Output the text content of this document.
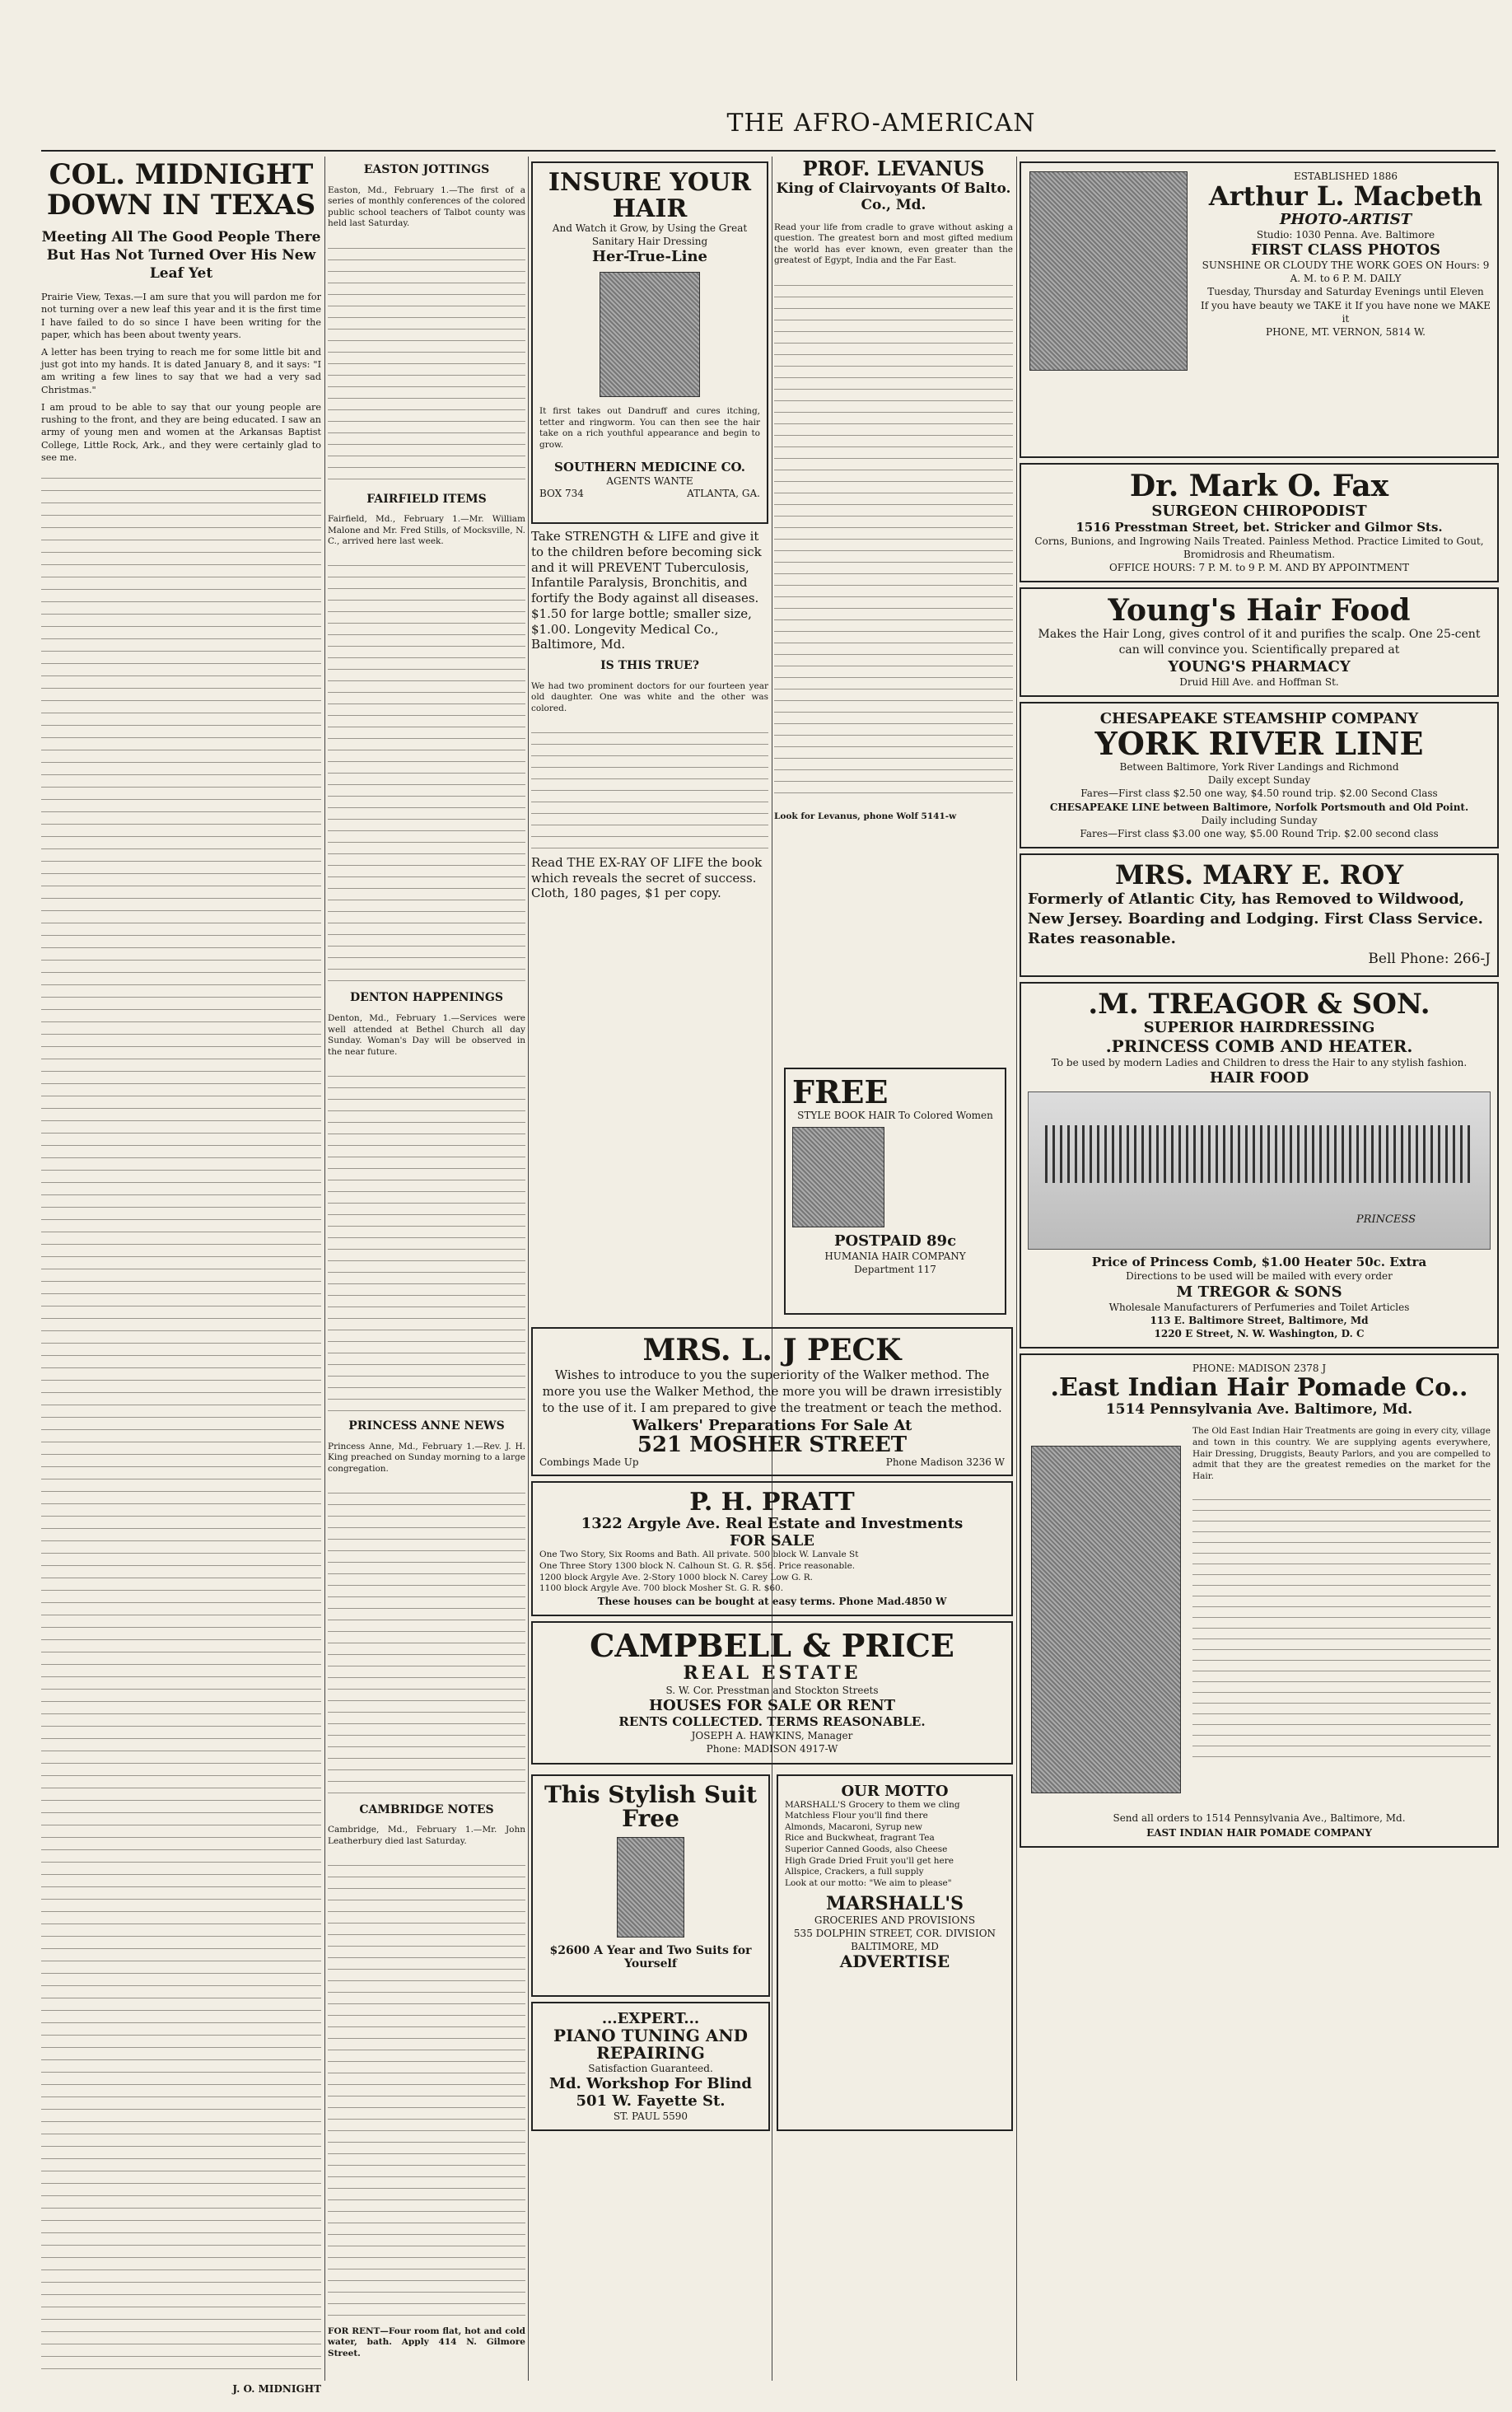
THE AFRO-AMERICAN
COL. MIDNIGHT DOWN IN TEXAS
Meeting All The Good People There But Has Not Turned Over His New Leaf Yet

Prairie View, Texas.—I am sure that you will pardon me for not turning over a new leaf this year and it is the first time I have failed to do so since I have been writing for the paper, which has been about twenty years.

A letter has been trying to reach me for some little bit and just got into my hands. It is dated January 8, and it says: "I am writing a few lines to say that we had a very sad Christmas."

I am proud to be able to say that our young people are rushing to the front, and they are being educated. I saw an army of young men and women at the Arkansas Baptist College, Little Rock, Ark., and they were certainly glad to see me.

J. O. MIDNIGHT
EASTON JOTTINGS

Easton, Md., February 1.—The first of a series of monthly conferences of the colored public school teachers of Talbot county was held last Saturday.

FAIRFIELD ITEMS

Fairfield, Md., February 1.—Mr. William Malone and Mr. Fred Stills, of Mocksville, N. C., arrived here last week.

DENTON HAPPENINGS

Denton, Md., February 1.—Services were well attended at Bethel Church all day Sunday. Woman's Day will be observed in the near future.

PRINCESS ANNE NEWS

Princess Anne, Md., February 1.—Rev. J. H. King preached on Sunday morning to a large congregation.

CAMBRIDGE NOTES

Cambridge, Md., February 1.—Mr. John Leatherbury died last Saturday.

FOR RENT—Four room flat, hot and cold water, bath. Apply 414 N. Gilmore Street.

INSURE YOUR HAIR
And Watch it Grow, by Using the Great Sanitary Hair Dressing
Her-True-Line

It first takes out Dandruff and cures itching, tetter and ringworm. You can then see the hair take on a rich youthful appearance and begin to grow.

SOUTHERN MEDICINE CO.
AGENTS WANTE
BOX 734	ATLANTA, GA.

Take STRENGTH & LIFE and give it to the children before becoming sick and it will PREVENT Tuberculosis, Infantile Paralysis, Bronchitis, and fortify the Body against all diseases. $1.50 for large bottle; smaller size, $1.00. Longevity Medical Co., Baltimore, Md.

IS THIS TRUE?

We had two prominent doctors for our fourteen year old daughter. One was white and the other was colored.

Read THE EX-RAY OF LIFE the book which reveals the secret of success. Cloth, 180 pages, $1 per copy.

PROF. LEVANUS
King of Clairvoyants Of Balto. Co., Md.

Read your life from cradle to grave without asking a question. The greatest born and most gifted medium the world has ever known, even greater than the greatest of Egypt, India and the Far East.

Look for Levanus, phone Wolf 5141-w

FREE
STYLE BOOK HAIR To Colored Women
POSTPAID 89c
HUMANIA HAIR COMPANY
Department 117
MRS. L. J PECK
Wishes to introduce to you the superiority of the Walker method. The more you use the Walker Method, the more you will be drawn irresistibly to the use of it. I am prepared to give the treatment or teach the method.
Walkers' Preparations For Sale At
521 MOSHER STREET
Combings Made Up	Phone Madison 3236 W
P. H. PRATT
1322 Argyle Ave. Real Estate and Investments
FOR SALE
One Two Story, Six Rooms and Bath. All private. 500 block W. Lanvale St
One Three Story 1300 block N. Calhoun St. G. R. $56. Price reasonable.
1200 block Argyle Ave. 2-Story 1000 block N. Carey Low G. R.
1100 block Argyle Ave. 700 block Mosher St. G. R. $60.
These houses can be bought at easy terms. Phone Mad.4850 W
CAMPBELL & PRICE
REAL ESTATE
S. W. Cor. Presstman and Stockton Streets
HOUSES FOR SALE OR RENT
RENTS COLLECTED. TERMS REASONABLE.
JOSEPH A. HAWKINS, Manager
Phone: MADISON 4917-W
This Stylish Suit Free
$2600 A Year and Two Suits for Yourself
...EXPERT...
PIANO TUNING AND REPAIRING
Satisfaction Guaranteed.
Md. Workshop For Blind
501 W. Fayette St.
ST. PAUL 5590
OUR MOTTO
MARSHALL'S Grocery to them we cling
Matchless Flour you'll find there
Almonds, Macaroni, Syrup new
Rice and Buckwheat, fragrant Tea
Superior Canned Goods, also Cheese
High Grade Dried Fruit you'll get here
Allspice, Crackers, a full supply
Look at our motto: "We aim to please"
MARSHALL'S
GROCERIES AND PROVISIONS
535 DOLPHIN STREET, COR. DIVISION
BALTIMORE, MD
ADVERTISE
ESTABLISHED 1886
Arthur L. Macbeth
PHOTO-ARTIST
Studio: 1030 Penna. Ave. Baltimore
FIRST CLASS PHOTOS
SUNSHINE OR CLOUDY THE WORK GOES ON Hours: 9 A. M. to 6 P. M. DAILY
Tuesday, Thursday and Saturday Evenings until Eleven
If you have beauty we TAKE it If you have none we MAKE it
PHONE, MT. VERNON, 5814 W.
Dr. Mark O. Fax
SURGEON CHIROPODIST
1516 Presstman Street, bet. Stricker and Gilmor Sts.
Corns, Bunions, and Ingrowing Nails Treated. Painless Method. Practice Limited to Gout, Bromidrosis and Rheumatism.
OFFICE HOURS: 7 P. M. to 9 P. M. AND BY APPOINTMENT
Young's Hair Food
Makes the Hair Long, gives control of it and purifies the scalp. One 25-cent can will convince you. Scientifically prepared at
YOUNG'S PHARMACY
Druid Hill Ave. and Hoffman St.
CHESAPEAKE STEAMSHIP COMPANY
YORK RIVER LINE
Between Baltimore, York River Landings and Richmond
Daily except Sunday
Fares—First class $2.50 one way, $4.50 round trip. $2.00 Second Class
CHESAPEAKE LINE between Baltimore, Norfolk Portsmouth and Old Point.
Daily including Sunday
Fares—First class $3.00 one way, $5.00 Round Trip. $2.00 second class
MRS. MARY E. ROY
Formerly of Atlantic City, has Removed to Wildwood, New Jersey. Boarding and Lodging. First Class Service. Rates reasonable.
Bell Phone: 266-J
.M. TREAGOR & SON.
SUPERIOR HAIRDRESSING
.PRINCESS COMB AND HEATER.
To be used by modern Ladies and Children to dress the Hair to any stylish fashion.
HAIR FOOD
PRINCESS
Price of Princess Comb, $1.00 Heater 50c. Extra
Directions to be used will be mailed with every order
M TREGOR & SONS
Wholesale Manufacturers of Perfumeries and Toilet Articles
113 E. Baltimore Street, Baltimore, Md
1220 E Street, N. W. Washington, D. C
PHONE: MADISON 2378 J
.East Indian Hair Pomade Co..
1514 Pennsylvania Ave. Baltimore, Md.

The Old East Indian Hair Treatments are going in every city, village and town in this country. We are supplying agents everywhere, Hair Dressing, Druggists, Beauty Parlors, and you are compelled to admit that they are the greatest remedies on the market for the Hair.

Send all orders to 1514 Pennsylvania Ave., Baltimore, Md.
EAST INDIAN HAIR POMADE COMPANY
